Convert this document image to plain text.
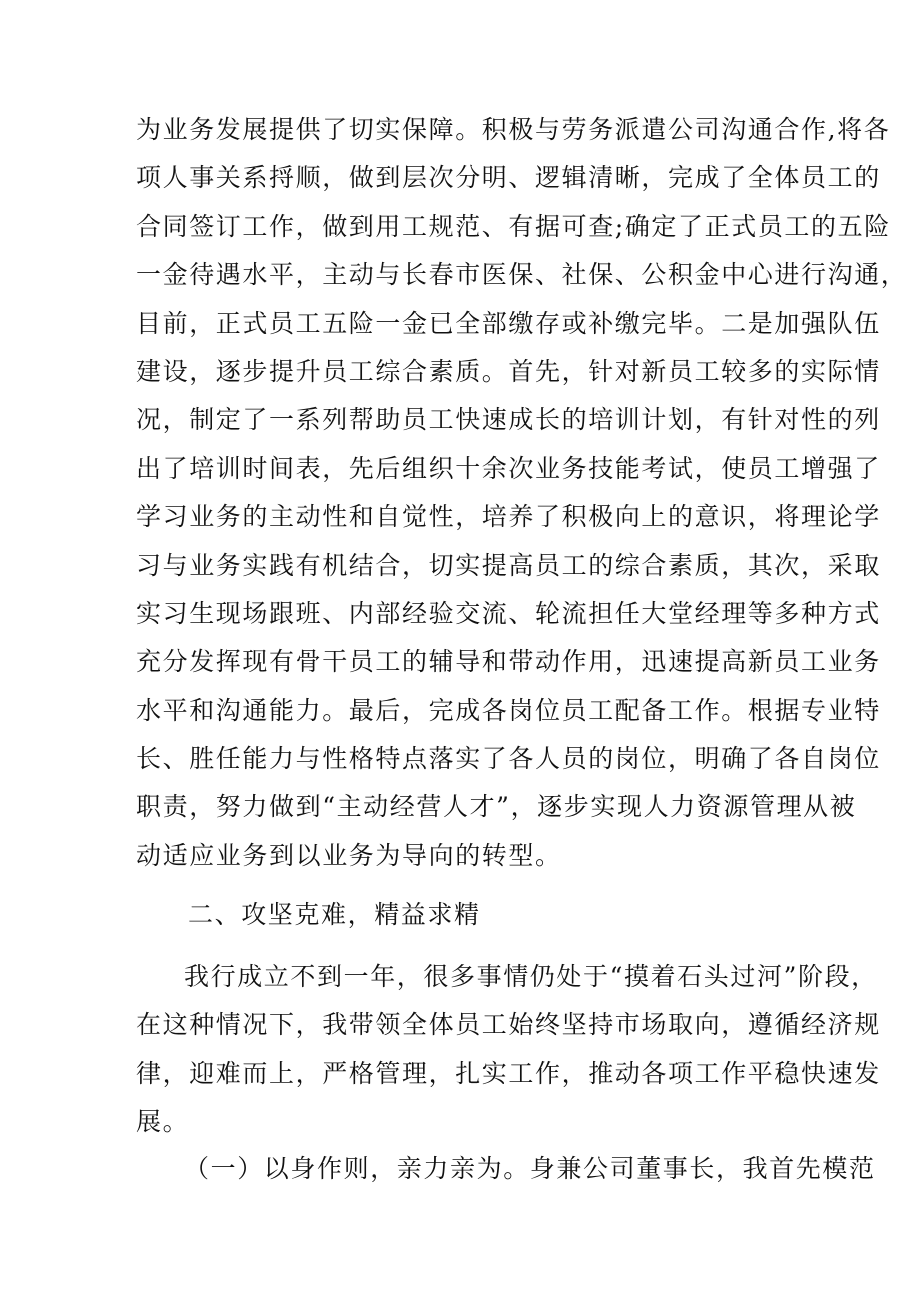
为业务发展提供了切实保障。积极与劳务派遣公司沟通合作,将各
项人事关系捋顺，做到层次分明、逻辑清晰，完成了全体员工的
合同签订工作，做到用工规范、有据可查;确定了正式员工的五险
一金待遇水平，主动与长春市医保、社保、公积金中心进行沟通，
目前，正式员工五险一金已全部缴存或补缴完毕。二是加强队伍
建设，逐步提升员工综合素质。首先，针对新员工较多的实际情
况，制定了一系列帮助员工快速成长的培训计划，有针对性的列
出了培训时间表，先后组织十余次业务技能考试，使员工增强了
学习业务的主动性和自觉性，培养了积极向上的意识，将理论学
习与业务实践有机结合，切实提高员工的综合素质，其次，采取
实习生现场跟班、内部经验交流、轮流担任大堂经理等多种方式
充分发挥现有骨干员工的辅导和带动作用，迅速提高新员工业务
水平和沟通能力。最后，完成各岗位员工配备工作。根据专业特
长、胜任能力与性格特点落实了各人员的岗位，明确了各自岗位
职责，努力做到“主动经营人才”，逐步实现人力资源管理从被
动适应业务到以业务为导向的转型。
二、攻坚克难，精益求精
我行成立不到一年，很多事情仍处于“摸着石头过河”阶段，
在这种情况下，我带领全体员工始终坚持市场取向，遵循经济规
律，迎难而上，严格管理，扎实工作，推动各项工作平稳快速发
展。
（一）以身作则，亲力亲为。身兼公司董事长，我首先模范
